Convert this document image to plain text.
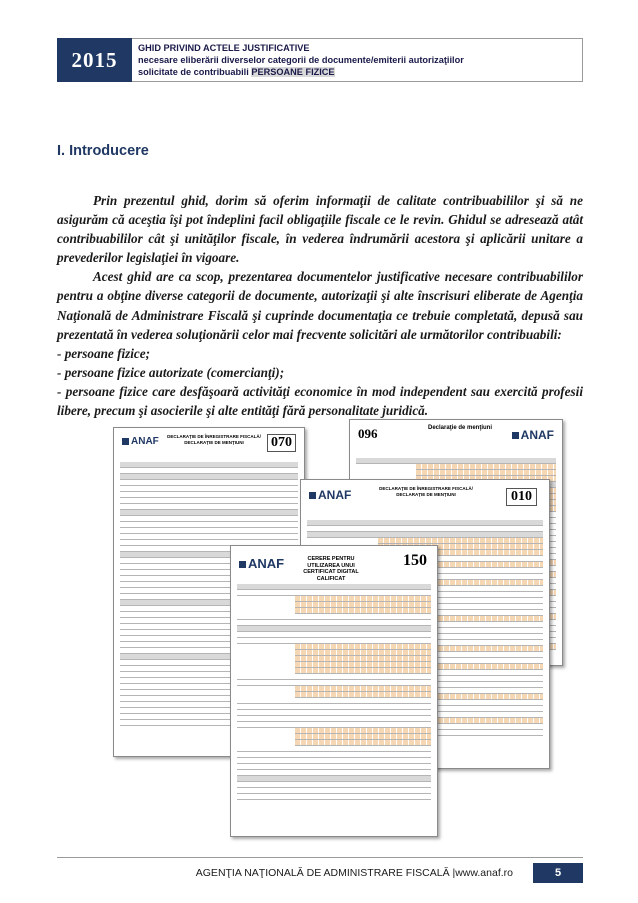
2015	GHID PRIVIND ACTELE JUSTIFICATIVE
necesare eliberării diverselor categorii de documente/emiterii autorizaţiilor
solicitate de contribuabili PERSOANE FIZICE
I. Introducere

Prin prezentul ghid, dorim să oferim informaţii de calitate contribuabililor şi să ne asigurăm că aceştia îşi pot îndeplini facil obligaţiile fiscale ce le revin. Ghidul se adresează atât contribuabililor cât şi unităţilor fiscale, în vederea îndrumării acestora şi aplicării unitare a prevederilor legislaţiei în vigoare.

Acest ghid are ca scop, prezentarea documentelor justificative necesare contribuabililor pentru a obţine diverse categorii de documente, autorizaţii şi alte înscrisuri eliberate de Agenţia Naţională de Administrare Fiscală şi cuprinde documentaţia ce trebuie completată, depusă sau prezentată în vederea soluţionării celor mai frecvente solicitări ale următorilor contribuabili:

- persoane fizice;

- persoane fizice autorizate (comercianţi);

- persoane fizice care desfăşoară activităţi economice în mod independent sau exercită profesii libere, precum şi asocierile şi alte entităţi fără personalitate juridică.

096	Declaraţie de menţiuni	ANAF
ANAF	DECLARAŢIE DE ÎNREGISTRARE FISCALĂ/ DECLARAŢIE DE MENŢIUNI	070
ANAF	DECLARAŢIE DE ÎNREGISTRARE FISCALĂ/ DECLARAŢIE DE MENŢIUNI	010
ANAF	CERERE PENTRU UTILIZAREA UNUI CERTIFICAT DIGITAL CALIFICAT
150
AGENŢIA NAŢIONALĂ DE ADMINISTRARE FISCALĂ |www.anaf.ro	5
